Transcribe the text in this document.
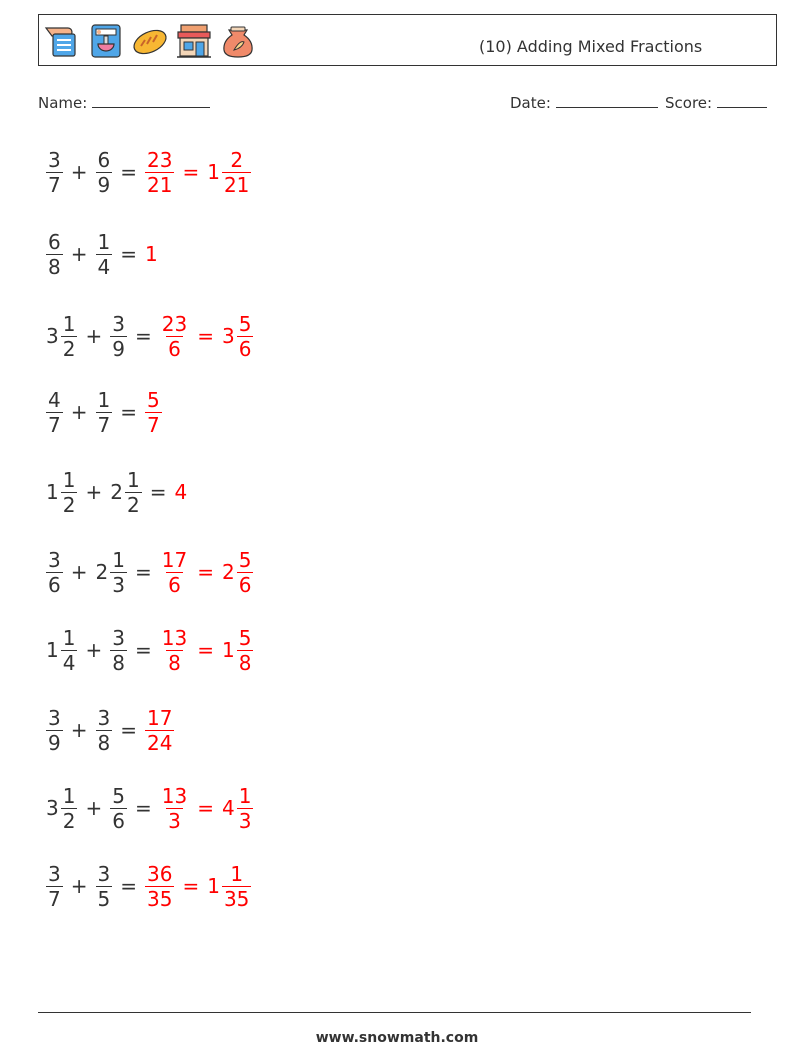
(10) Adding Mixed Fractions
Name:	Date:	Score:
$\frac{3}{7} + \frac{6}{9} = \frac{23}{21} = 1 \frac{2}{21}$
$\frac{6}{8} + \frac{1}{4} = 1$
$3 \frac{1}{2} + \frac{3}{9} = \frac{23}{6} = 3 \frac{5}{6}$
$\frac{4}{7} + \frac{1}{7} = \frac{5}{7}$
$1 \frac{1}{2} + 2 \frac{1}{2} = 4$
$\frac{3}{6} + 2 \frac{1}{3} = \frac{17}{6} = 2 \frac{5}{6}$
$1 \frac{1}{4} + \frac{3}{8} = \frac{13}{8} = 1 \frac{5}{8}$
$\frac{3}{9} + \frac{3}{8} = \frac{17}{24}$
$3 \frac{1}{2} + \frac{5}{6} = \frac{13}{3} = 4 \frac{1}{3}$
$\frac{3}{7} + \frac{3}{5} = \frac{36}{35} = 1 \frac{1}{35}$
www.snowmath.com
